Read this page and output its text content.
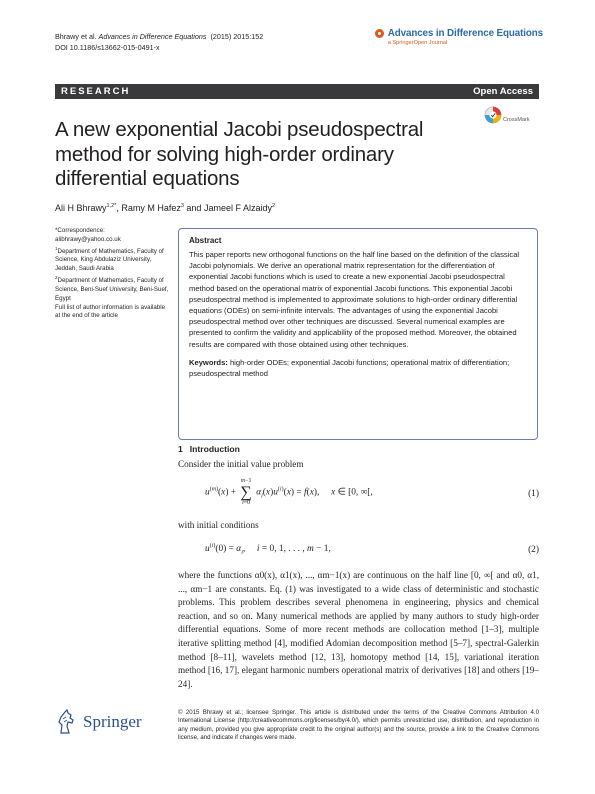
Bhrawy et al. Advances in Difference Equations (2015) 2015:152
DOI 10.1186/s13662-015-0491-x
Advances in Difference Equations
a SpringerOpen Journal
RESEARCH	Open Access
CrossMark
A new exponential Jacobi pseudospectral method for solving high-order ordinary differential equations
Ali H Bhrawy$^{1,2*}$, Ramy M Hafez$^3$ and Jameel F Alzaidy$^2$
*Correspondence:
alibhrawy@yahoo.co.uk
$^1$Department of Mathematics, Faculty of Science, King Abdulaziz University, Jeddah, Saudi Arabia
$^2$Department of Mathematics, Faculty of Science, Beni-Suef University, Beni-Suef, Egypt
Full list of author information is available at the end of the article
Abstract
This paper reports new orthogonal functions on the half line based on the definition of the classical Jacobi polynomials. We derive an operational matrix representation for the differentiation of exponential Jacobi functions which is used to create a new exponential Jacobi pseudospectral method based on the operational matrix of exponential Jacobi functions. This exponential Jacobi pseudospectral method is implemented to approximate solutions to high-order ordinary differential equations (ODEs) on semi-infinite intervals. The advantages of using the exponential Jacobi pseudospectral method over other techniques are discussed. Several numerical examples are presented to confirm the validity and applicability of the proposed method. Moreover, the obtained results are compared with those obtained using other techniques.
Keywords: high-order ODEs; exponential Jacobi functions; operational matrix of differentiation; pseudospectral method
1 Introduction
Consider the initial value problem
$u^{(m)}(x) + m-1$
∑
i=0 $\alpha_i(x)u^{(i)}(x) = f(x)$,     x ∈ [0, ∞[,	(1)
with initial conditions
$u^{(i)}(0) = \alpha_i$,     i = 0, 1, . . . , m − 1,	(2)
where the functions α0(x), α1(x), ..., αm−1(x) are continuous on the half line [0, ∞[ and α0, α1, ..., αm−1 are constants. Eq. (1) was investigated to a wide class of deterministic and stochastic problems. This problem describes several phenomena in engineering, physics and chemical reaction, and so on. Many numerical methods are applied by many authors to study high-order differential equations. Some of more recent methods are collocation method [1–3], multiple iterative splitting method [4], modified Adomian decomposition method [5–7], spectral-Galerkin method [8–11], wavelets method [12, 13], homotopy method [14, 15], variational iteration method [16, 17], elegant harmonic numbers operational matrix of derivatives [18] and others [19–24].
Springer	© 2015 Bhrawy et al.; licensee Springer. This article is distributed under the terms of the Creative Commons Attribution 4.0 International License (http://creativecommons.org/licenses/by/4.0/), which permits unrestricted use, distribution, and reproduction in any medium, provided you give appropriate credit to the original author(s) and the source, provide a link to the Creative Commons license, and indicate if changes were made.
